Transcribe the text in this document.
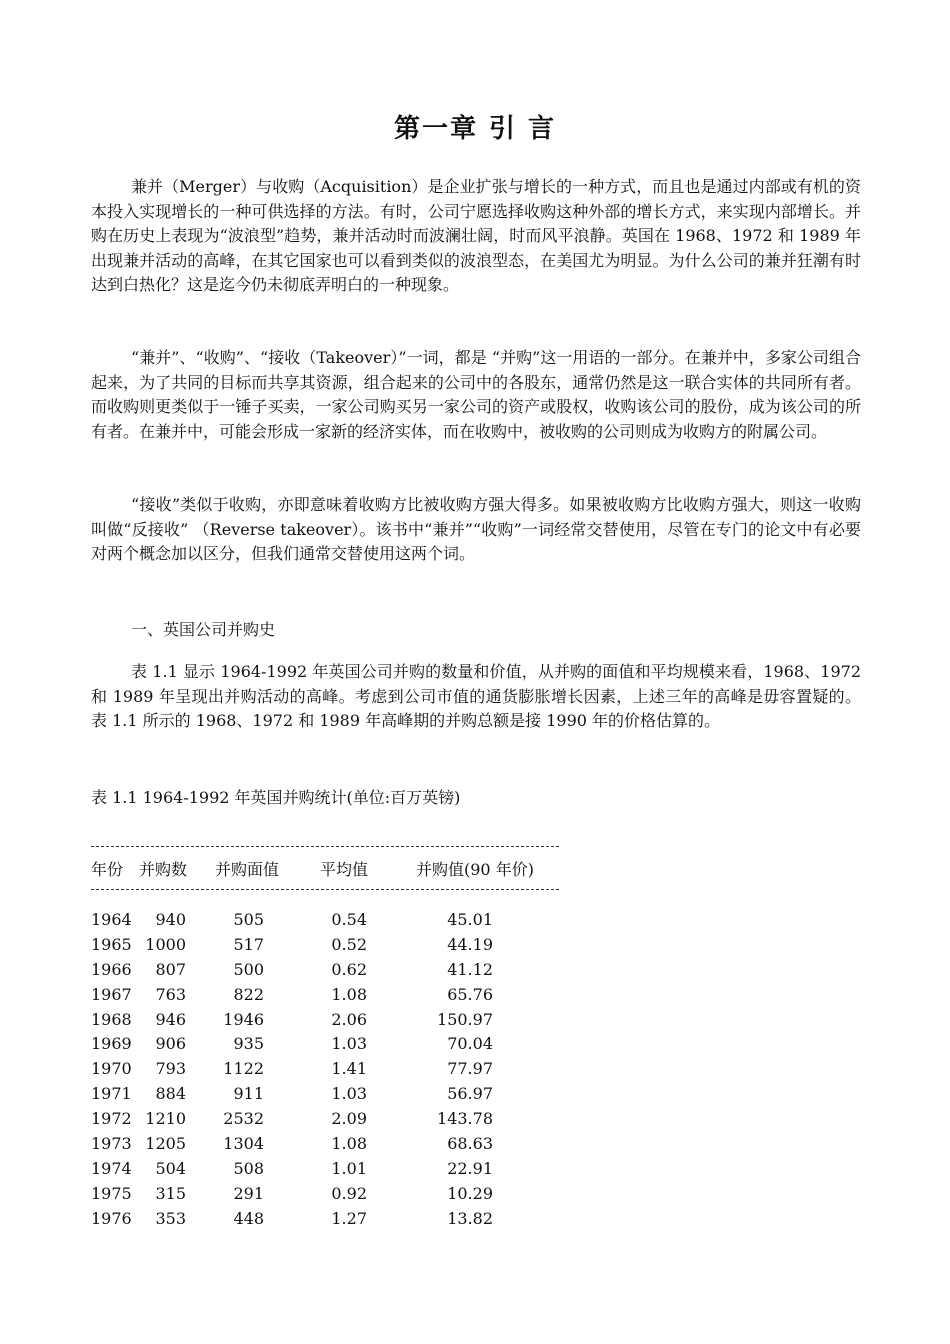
第一章 引 言

兼并（Merger）与收购（Acquisition）是企业扩张与增长的一种方式，而且也是通过内部或有机的资本投入实现增长的一种可供选择的方法。有时，公司宁愿选择收购这种外部的增长方式，来实现内部增长。并购在历史上表现为“波浪型”趋势，兼并活动时而波澜壮阔，时而风平浪静。英国在 1968、1972 和 1989 年出现兼并活动的高峰，在其它国家也可以看到类似的波浪型态，在美国尤为明显。为什么公司的兼并狂潮有时达到白热化？这是迄今仍未彻底弄明白的一种现象。

“兼并”、“收购”、“接收（Takeover）”一词，都是 “并购”这一用语的一部分。在兼并中，多家公司组合起来，为了共同的目标而共享其资源，组合起来的公司中的各股东，通常仍然是这一联合实体的共同所有者。而收购则更类似于一锤子买卖，一家公司购买另一家公司的资产或股权，收购该公司的股份，成为该公司的所有者。在兼并中，可能会形成一家新的经济实体，而在收购中，被收购的公司则成为收购方的附属公司。

“接收”类似于收购，亦即意味着收购方比被收购方强大得多。如果被收购方比收购方强大，则这一收购叫做“反接收” （Reverse takeover）。该书中“兼并”“收购”一词经常交替使用，尽管在专门的论文中有必要对两个概念加以区分，但我们通常交替使用这两个词。

一、英国公司并购史

表 1.1 显示 1964-1992 年英国公司并购的数量和价值，从并购的面值和平均规模来看，1968、1972 和 1989 年呈现出并购活动的高峰。考虑到公司市值的通货膨胀增长因素，上述三年的高峰是毋容置疑的。表 1.1 所示的 1968、1972 和 1989 年高峰期的并购总额是接 1990 年的价格估算的。

表 1.1 1964-1992 年英国并购统计(单位:百万英镑)
年份 并购数 并购面值	平均值	并购值(90 年价)
1964	940	505	0.54	45.01
1965	1000	517	0.52	44.19
1966	807	500	0.62	41.12
1967	763	822	1.08	65.76
1968	946	1946	2.06	150.97
1969	906	935	1.03	70.04
1970	793	1122	1.41	77.97
1971	884	911	1.03	56.97
1972	1210	2532	2.09	143.78
1973	1205	1304	1.08	68.63
1974	504	508	1.01	22.91
1975	315	291	0.92	10.29
1976	353	448	1.27	13.82
